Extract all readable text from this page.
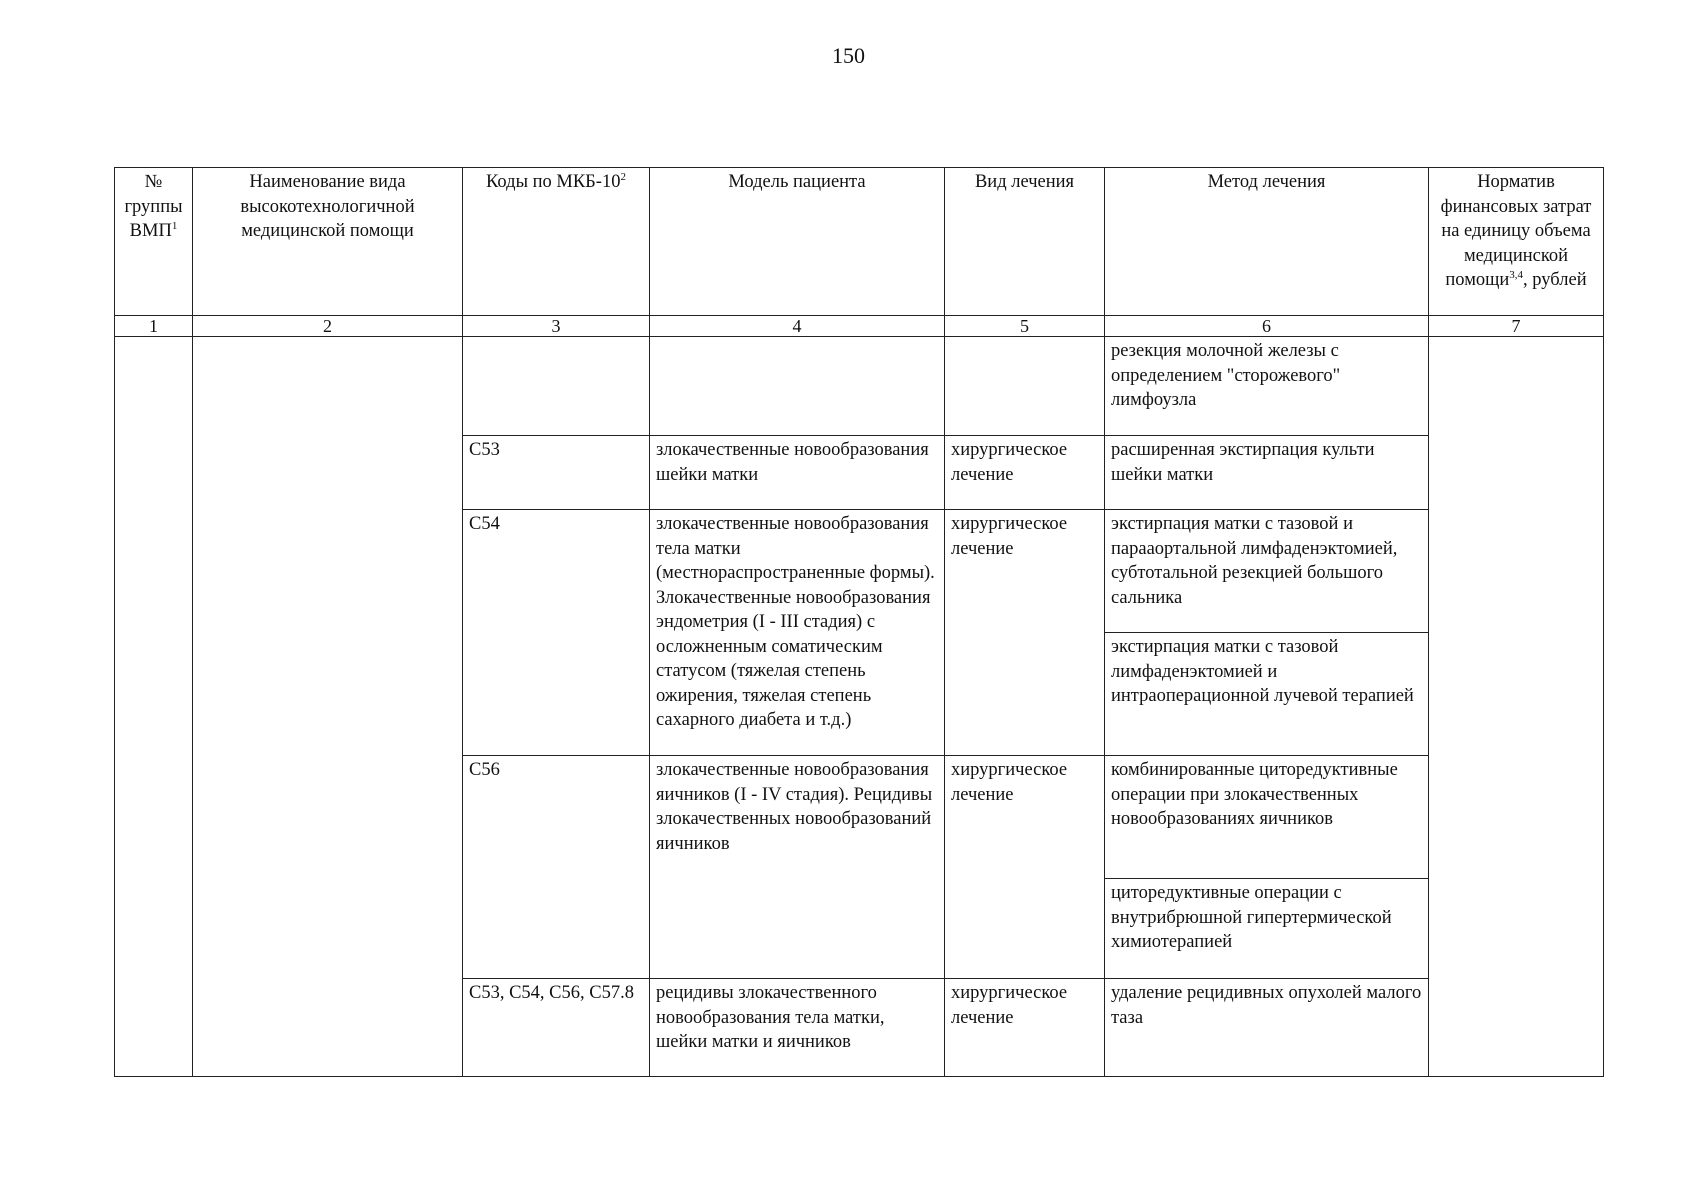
150
№ группы ВМП$^1$	Наименование вида высокотехнологичной медицинской помощи	Коды по МКБ-$10^2$	Модель пациента	Вид лечения	Метод лечения	Норматив финансовых затрат на единицу объема медицинской помощи$^{3,4}$, рублей
1	2	3	4	5	6	7
					резекция молочной железы с определением "сторожевого" лимфоузла	
		C53	злокачественные новообразования шейки матки	хирургическое лечение	расширенная экстирпация культи шейки матки	
		C54	злокачественные новообразования тела матки (местнораспространенные формы). Злокачественные новообразования эндометрия (I - III стадия) с осложненным соматическим статусом (тяжелая степень ожирения, тяжелая степень сахарного диабета и т.д.)	хирургическое лечение	экстирпация матки с тазовой и парааортальной лимфаденэктомией, субтотальной резекцией большого сальника	
					экстирпация матки с тазовой лимфаденэктомией и интраоперационной лучевой терапией	
		C56	злокачественные новообразования яичников (I - IV стадия). Рецидивы злокачественных новообразований яичников	хирургическое лечение	комбинированные циторедуктивные операции при злокачественных новообразованиях яичников	
					циторедуктивные операции с внутрибрюшной гипертермической химиотерапией	
		C53, C54, C56, C57.8	рецидивы злокачественного новообразования тела матки, шейки матки и яичников	хирургическое лечение	удаление рецидивных опухолей малого таза	
